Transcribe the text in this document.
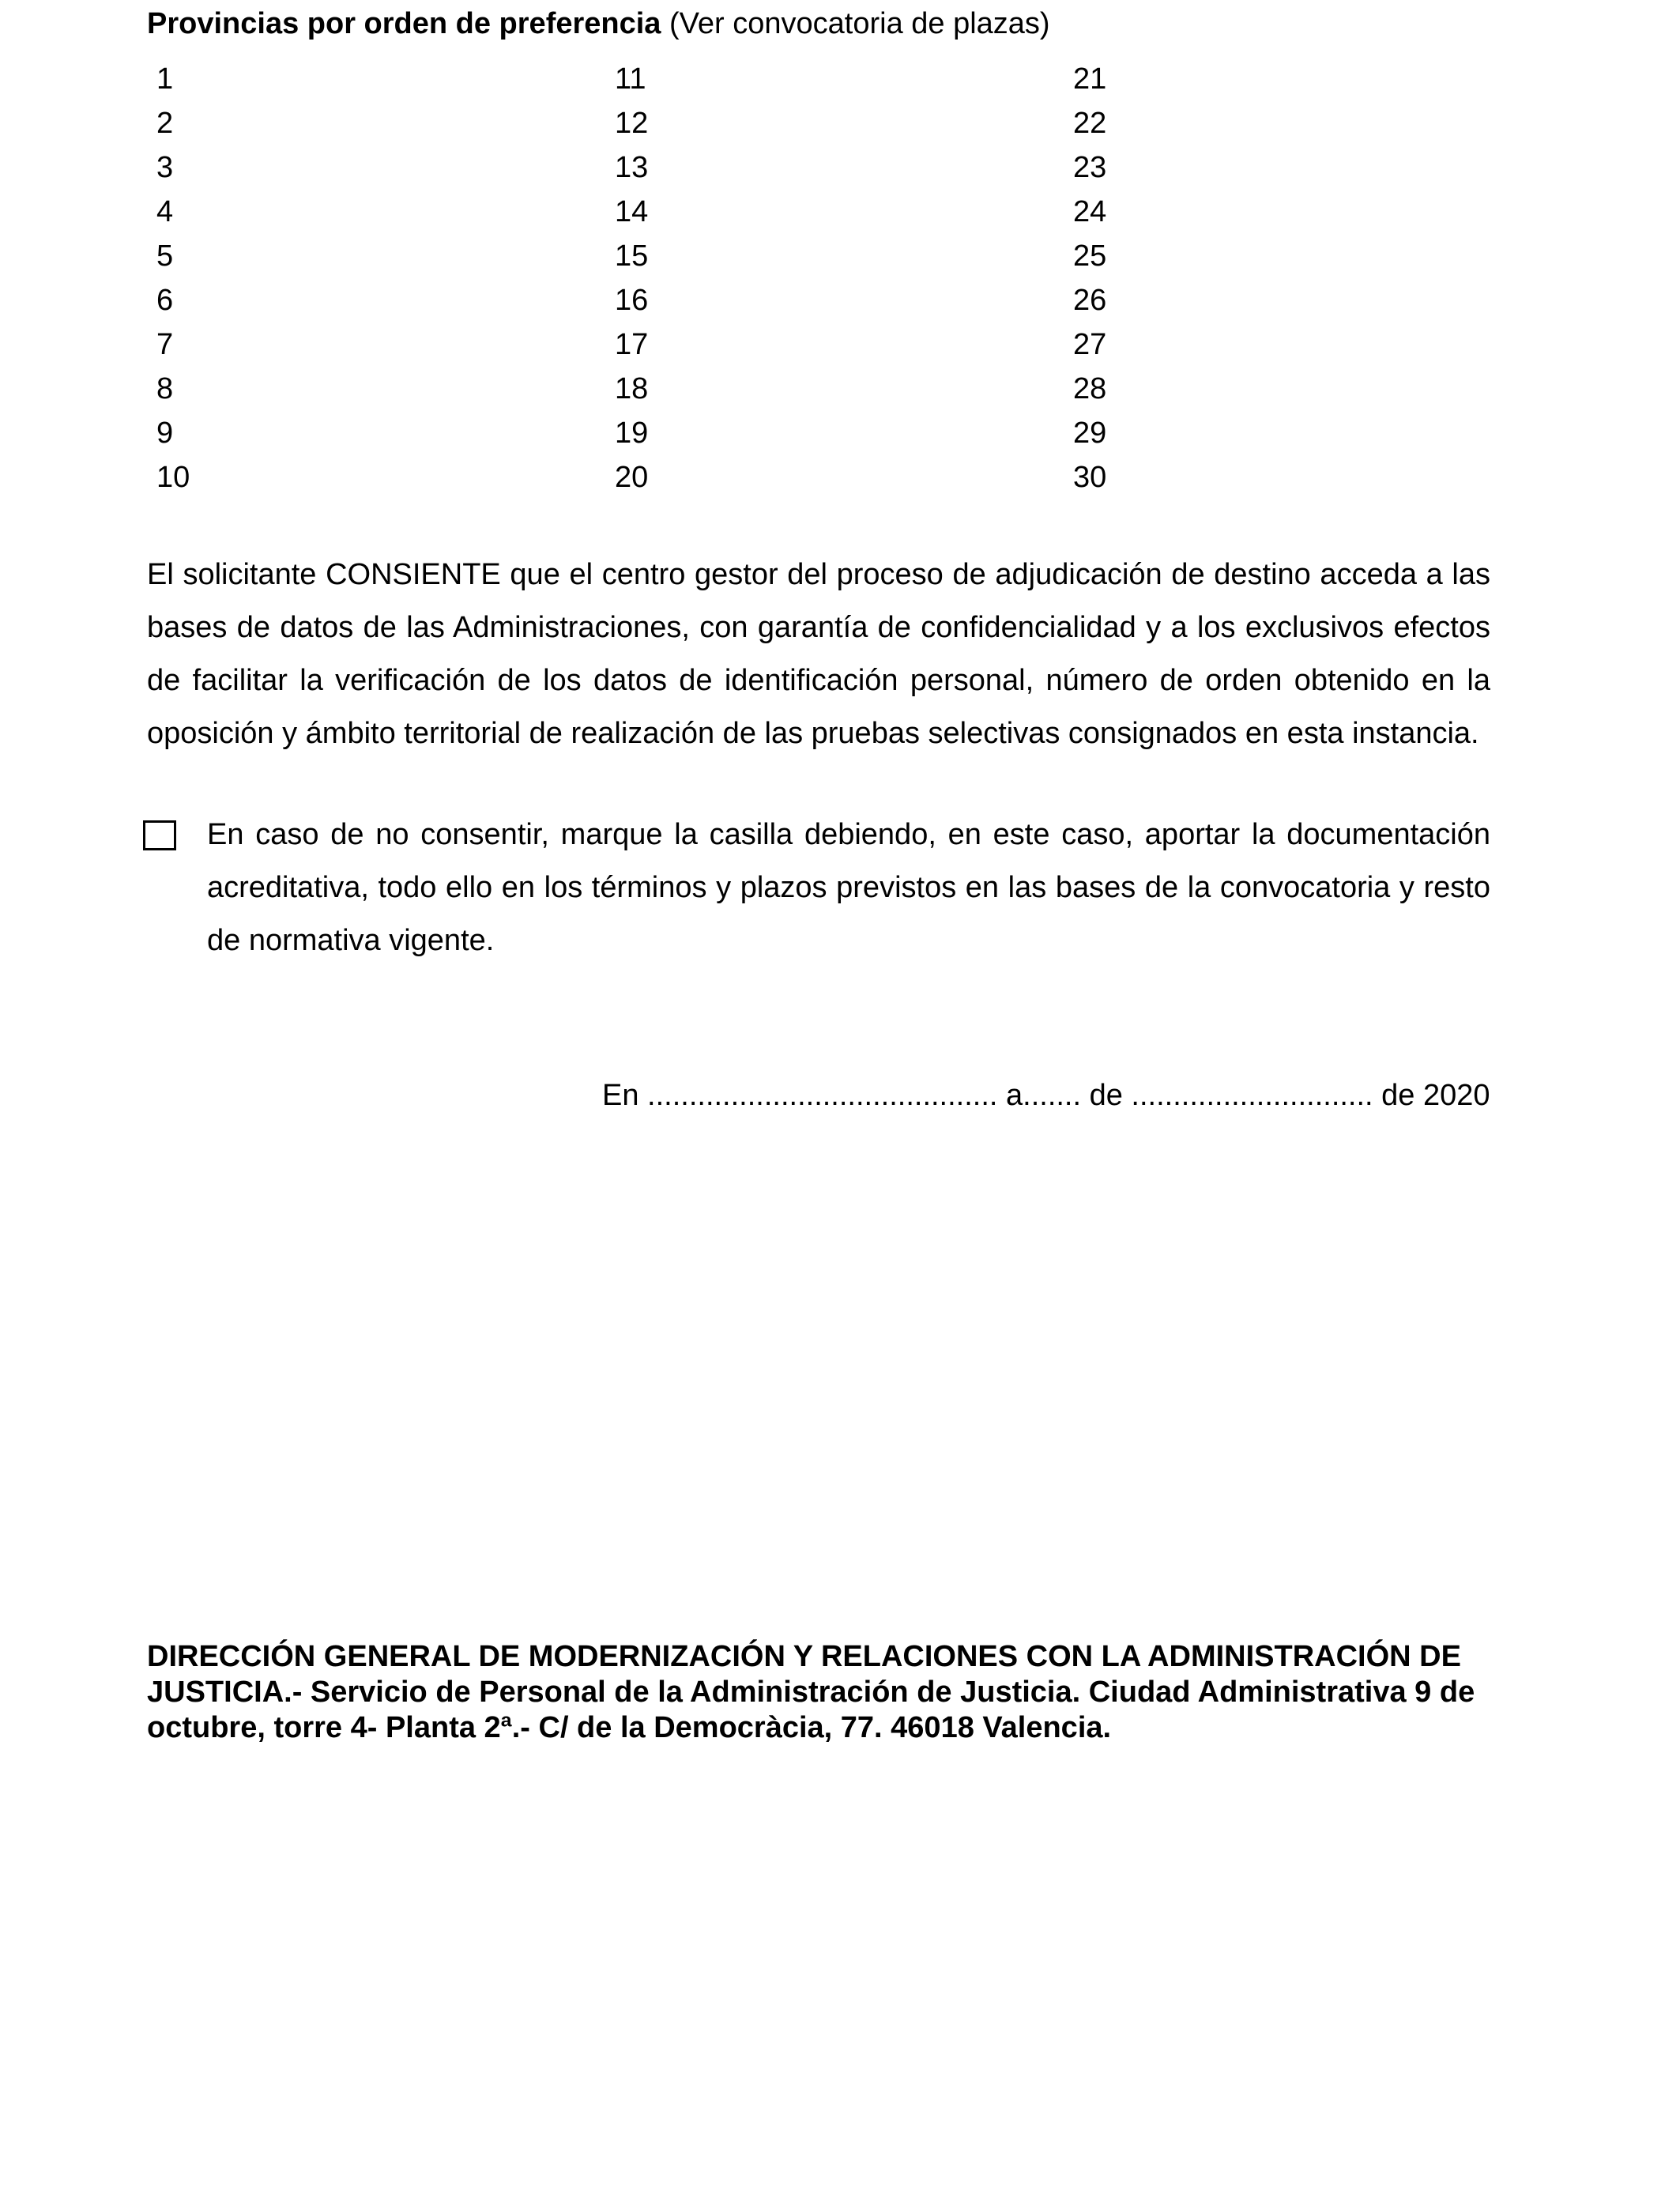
Provincias por orden de preferencia (Ver convocatoria de plazas)
1
2
3
4
5
6
7
8
9
10
11
12
13
14
15
16
17
18
19
20
21
22
23
24
25
26
27
28
29
30
El solicitante CONSIENTE que el centro gestor del proceso de adjudicación de destino acceda a las bases de datos de las Administraciones, con garantía de confidencialidad y a los exclusivos efectos de facilitar la verificación de los datos de identificación personal, número de orden obtenido en la oposición y ámbito territorial de realización de las pruebas selectivas consignados en esta instancia.
En caso de no consentir, marque la casilla debiendo, en este caso, aportar la documentación acreditativa, todo ello en los términos y plazos previstos en las bases de la convocatoria y resto de normativa vigente.
En .......................................... a....... de ............................. de 2020
DIRECCIÓN GENERAL DE MODERNIZACIÓN Y RELACIONES CON LA ADMINISTRACIÓN DE JUSTICIA.- Servicio de Personal de la Administración de Justicia. Ciudad Administrativa 9 de octubre, torre 4- Planta 2ª.- C/ de la Democràcia, 77. 46018 Valencia.
